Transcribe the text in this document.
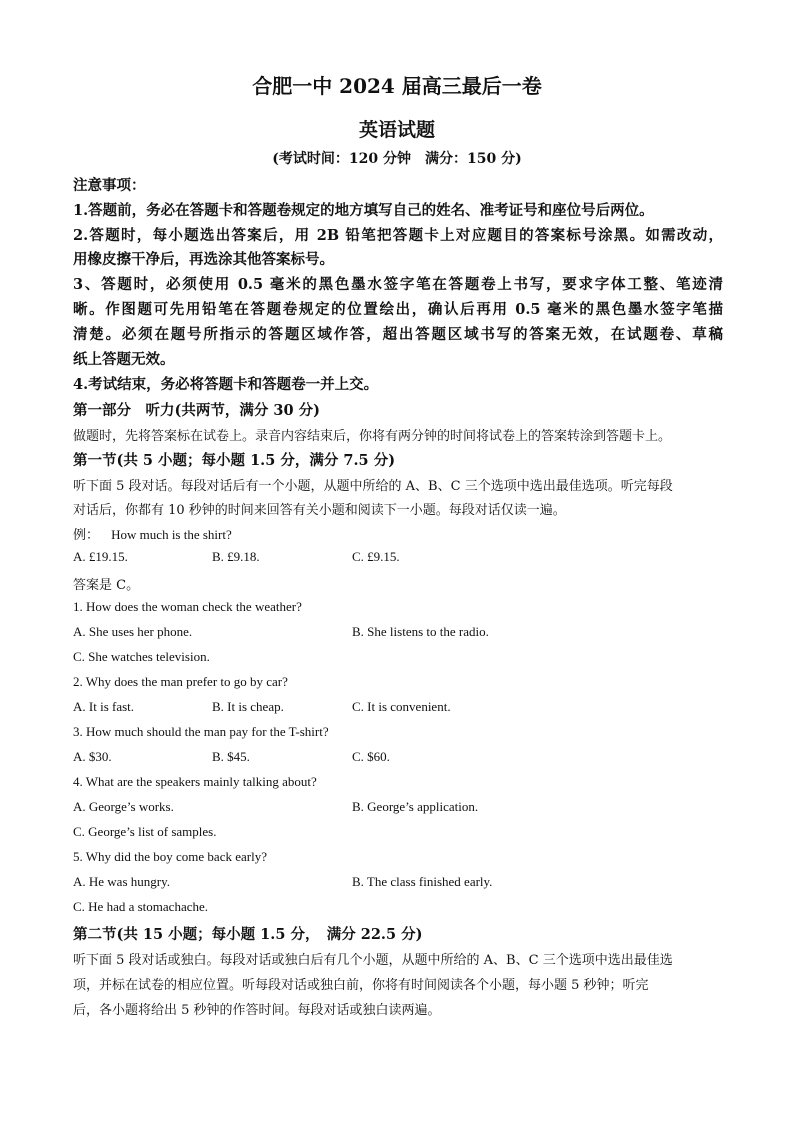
合肥一中 2024 届高三最后一卷
英语试题
(考试时间：120 分钟　满分：150 分)
注意事项：
1.答题前，务必在答题卡和答题卷规定的地方填写自己的姓名、准考证号和座位号后两位。
2.答题时，每小题选出答案后，用 2B 铅笔把答题卡上对应题目的答案标号涂黑。如需改动，
用橡皮擦干净后，再选涂其他答案标号。
3、答题时，必须使用 0.5 毫米的黑色墨水签字笔在答题卷上书写，要求字体工整、笔迹清
晰。作图题可先用铅笔在答题卷规定的位置绘出，确认后再用 0.5 毫米的黑色墨水签字笔描
清楚。必须在题号所指示的答题区域作答，超出答题区域书写的答案无效，在试题卷、草稿
纸上答题无效。
4.考试结束，务必将答题卡和答题卷一并上交。
第一部分　听力(共两节，满分 30 分)
做题时，先将答案标在试卷上。录音内容结束后，你将有两分钟的时间将试卷上的答案转涂到答题卡上。
第一节(共 5 小题；每小题 1.5 分，满分 7.5 分)
听下面 5 段对话。每段对话后有一个小题，从题中所给的 A、B、C 三个选项中选出最佳选项。听完每段
对话后，你都有 10 秒钟的时间来回答有关小题和阅读下一小题。每段对话仅读一遍。
例： How much is the shirt?
A. £19.15.	B. £9.18.	C. £9.15.
答案是 C。
1. How does the woman check the weather?
A. She uses her phone.	B. She listens to the radio.
C. She watches television.
2. Why does the man prefer to go by car?
A. It is fast.	B. It is cheap.	C. It is convenient.
3. How much should the man pay for the T-shirt?
A. $30.	B. $45.	C. $60.
4. What are the speakers mainly talking about?
A. George’s works.	B. George’s application.
C. George’s list of samples.
5. Why did the boy come back early?
A. He was hungry.	B. The class finished early.
C. He had a stomachache.
第二节(共 15 小题；每小题 1.5 分，　满分 22.5 分)
听下面 5 段对话或独白。每段对话或独白后有几个小题，从题中所给的 A、B、C 三个选项中选出最佳选
项，并标在试卷的相应位置。听每段对话或独白前，你将有时间阅读各个小题，每小题 5 秒钟；听完
后，各小题将给出 5 秒钟的作答时间。每段对话或独白读两遍。
